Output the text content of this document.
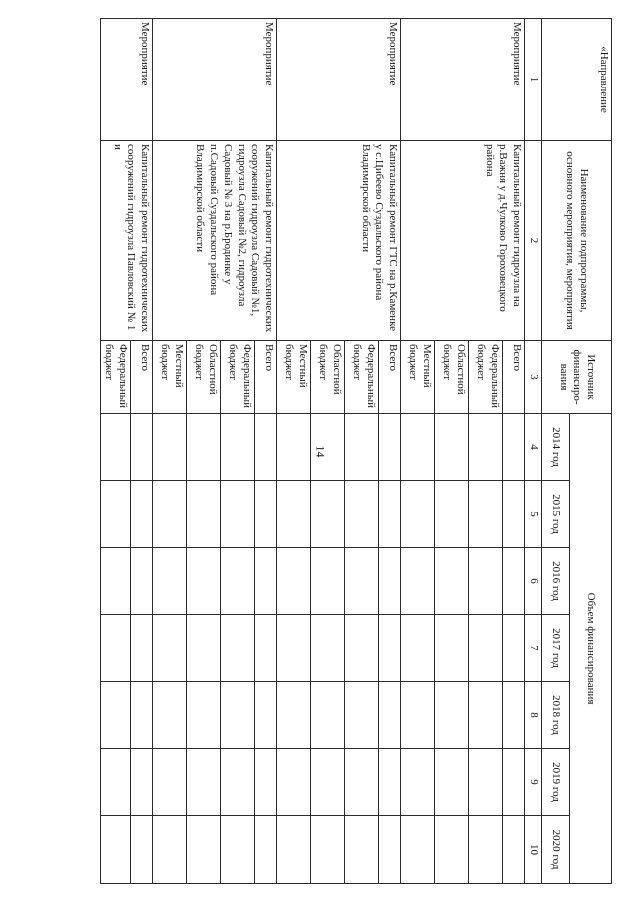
14
«Направление	Наименование подпрограммы, основного мероприятия, мероприятия	Источник финансиро-вания	Объем финансирования						
			2014 год	2015 год	2016 год	2017 год	2018 год	2019 год	2020 год
1	2	3	4	5	6	7	8	9	10
Мероприятие	Капитальный ремонт гидроузла на р.Важня у д.Чулково Гороховецкого района	Всего							
		Федеральный бюджет							
		Областной бюджет							
		Местный бюджет							
Мероприятие	Капитальный ремонт ГТС на р.Каменке у с.Цибеево Суздальского района Владимирской области	Всего							
		Федеральный бюджет							
		Областной бюджет							
		Местный бюджет							
Мероприятие	Капитальный ремонт гидротехнических сооружений гидроузла Садовый №1, гидроузла Садовый №2, гидроузла Садовый № 3 на р.Бродинке у п.Садовый Суздальского района Владимирской области	Всего							
		Федеральный бюджет							
		Областной бюджет							
		Местный бюджет							
Мероприятие	Капитальный ремонт гидротехнических сооружений гидроузла Павловский № 1 и	Всего							
		Федеральный бюджет							
